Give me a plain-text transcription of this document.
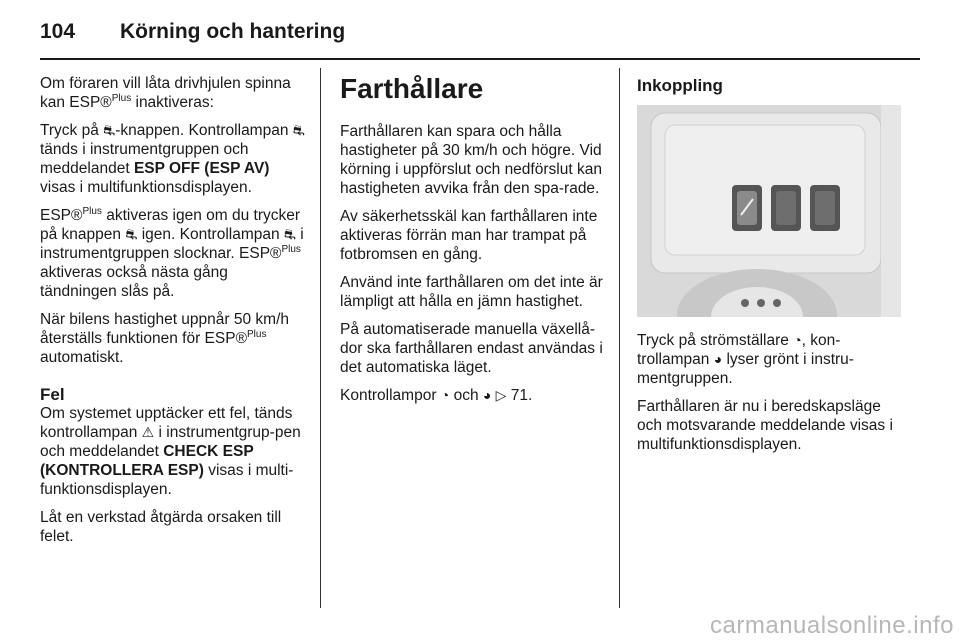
104	Körning och hantering

Om föraren vill låta drivhjulen spinna kan ESP®$^{Plus}$ inaktiveras:

Tryck på ⛐-knappen. Kontrollampan ⛐ tänds i instrumentgruppen och meddelandet ESP OFF (ESP AV) visas i multifunktionsdisplayen.

ESP®$^{Plus}$ aktiveras igen om du trycker på knappen ⛐ igen. Kontrollampan ⛐ i instrumentgruppen slocknar. ESP®$^{Plus}$ aktiveras också nästa gång tändningen slås på.

När bilens hastighet uppnår 50 km/h återställs funktionen för ESP®$^{Plus}$ automatiskt.

Fel

Om systemet upptäcker ett fel, tänds kontrollampan ⚠ i instrumentgrup‐pen och meddelandet CHECK ESP (KONTROLLERA ESP) visas i multi‐funktionsdisplayen.

Låt en verkstad åtgärda orsaken till felet.

Farthållare

Farthållaren kan spara och hålla hastigheter på 30 km/h och högre. Vid körning i uppförslut och nedförslut kan hastigheten avvika från den spa‐rade.

Av säkerhetsskäl kan farthållaren inte aktiveras förrän man har trampat på fotbromsen en gång.

Använd inte farthållaren om det inte är lämpligt att hålla en jämn hastighet.

På automatiserade manuella växellå‐dor ska farthållaren endast användas i det automatiska läget.

Kontrollampor ◔ och ◕ ▷ 71.

Inkoppling

Tryck på strömställare ◔, kon‐trollampan ◕ lyser grönt i instru‐mentgruppen.

Farthållaren är nu i beredskapsläge och motsvarande meddelande visas i multifunktionsdisplayen.

carmanualsonline.info
